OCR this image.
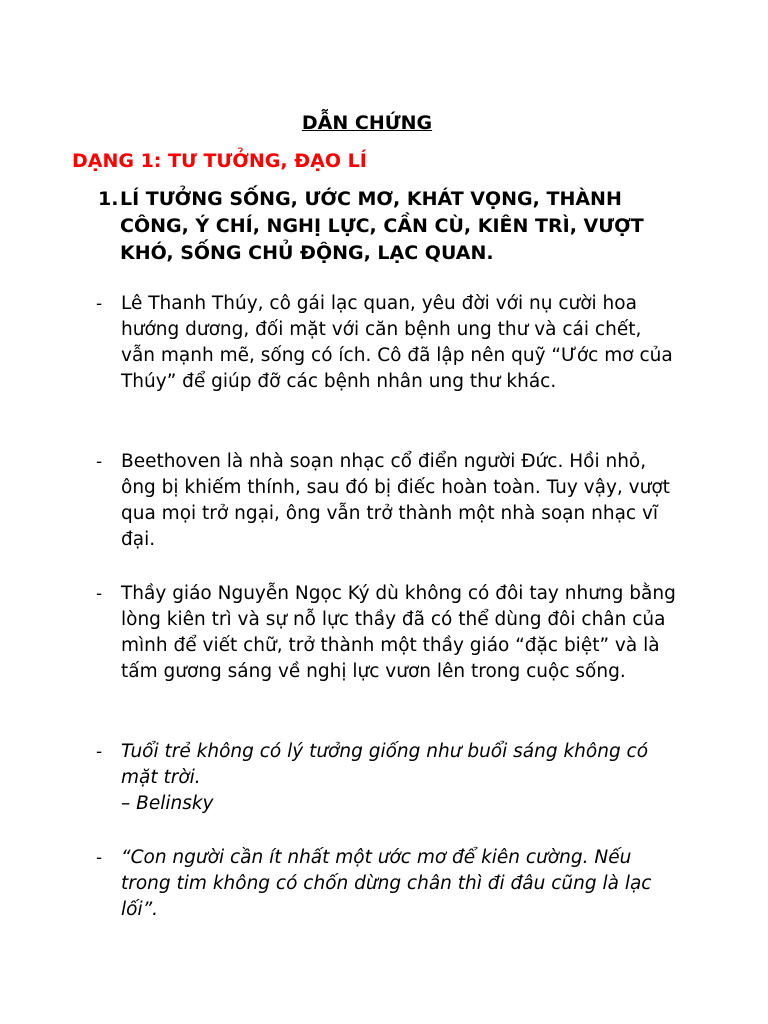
DẪN CHỨNG
DẠNG 1: TƯ TƯỞNG, ĐẠO LÍ
1. LÍ TƯỞNG SỐNG, ƯỚC MƠ, KHÁT VỌNG, THÀNH CÔNG, Ý CHÍ, NGHỊ LỰC, CẦN CÙ, KIÊN TRÌ, VƯỢT KHÓ, SỐNG CHỦ ĐỘNG, LẠC QUAN.

- Lê Thanh Thúy, cô gái lạc quan, yêu đời với nụ cười hoa hướng dương, đối mặt với căn bệnh ung thư và cái chết, vẫn mạnh mẽ, sống có ích. Cô đã lập nên quỹ “Ước mơ của Thúy” để giúp đỡ các bệnh nhân ung thư khác.

- Beethoven là nhà soạn nhạc cổ điển người Đức. Hồi nhỏ, ông bị khiếm thính, sau đó bị điếc hoàn toàn. Tuy vậy, vượt qua mọi trở ngại, ông vẫn trở thành một nhà soạn nhạc vĩ đại.

- Thầy giáo Nguyễn Ngọc Ký dù không có đôi tay nhưng bằng lòng kiên trì và sự nỗ lực thầy đã có thể dùng đôi chân của mình để viết chữ, trở thành một thầy giáo “đặc biệt” và là tấm gương sáng về nghị lực vươn lên trong cuộc sống.

- Tuổi trẻ không có lý tưởng giống như buổi sáng không có mặt trời.

– Belinsky

- “Con người cần ít nhất một ước mơ để kiên cường. Nếu trong tim không có chốn dừng chân thì đi đâu cũng là lạc lối”.
